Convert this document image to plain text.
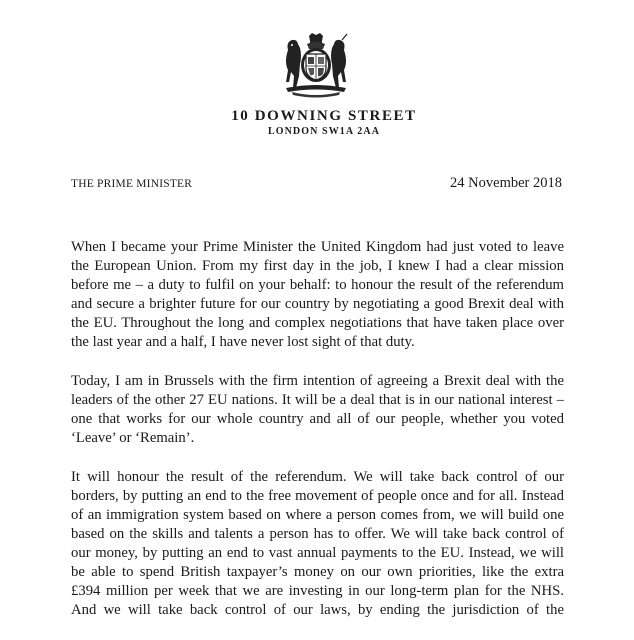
10 DOWNING STREET
LONDON SW1A 2AA
THE PRIME MINISTER	24 November 2018
When I became your Prime Minister the United Kingdom had just voted to leave
the European Union. From my first day in the job, I knew I had a clear mission
before me – a duty to fulfil on your behalf: to honour the result of the referendum
and secure a brighter future for our country by negotiating a good Brexit deal with
the EU. Throughout the long and complex negotiations that have taken place over
the last year and a half, I have never lost sight of that duty.
Today, I am in Brussels with the firm intention of agreeing a Brexit deal with the
leaders of the other 27 EU nations. It will be a deal that is in our national interest –
one that works for our whole country and all of our people, whether you voted
‘Leave’ or ‘Remain’.
It will honour the result of the referendum. We will take back control of our
borders, by putting an end to the free movement of people once and for all. Instead
of an immigration system based on where a person comes from, we will build one
based on the skills and talents a person has to offer. We will take back control of
our money, by putting an end to vast annual payments to the EU. Instead, we will
be able to spend British taxpayer’s money on our own priorities, like the extra
£394 million per week that we are investing in our long-term plan for the NHS.
And we will take back control of our laws, by ending the jurisdiction of the
